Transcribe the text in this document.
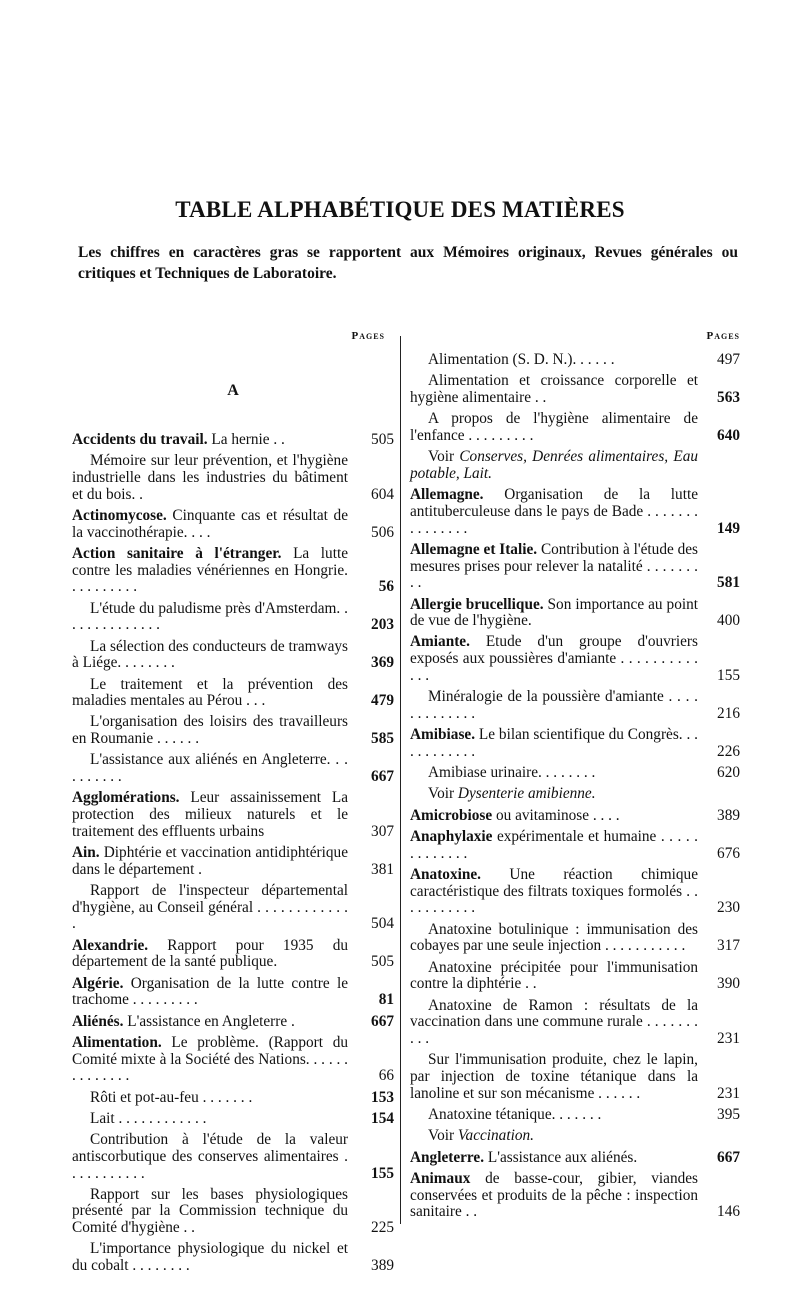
TABLE ALPHABÉTIQUE DES MATIÈRES
Les chiffres en caractères gras se rapportent aux Mémoires originaux, Revues générales ou critiques et Techniques de Laboratoire.
Pages
A
Accidents du travail. La hernie . .	505
Mémoire sur leur prévention, et l'hygiène industrielle dans les industries du bâtiment et du bois. .	604
Actinomycose. Cinquante cas et résultat de la vaccinothérapie. . . .	506
Action sanitaire à l'étranger. La lutte contre les maladies vénériennes en Hongrie. . . . . . . . . .	56
L'étude du paludisme près d'Amsterdam. . . . . . . . . . . . . .	203
La sélection des conducteurs de tramways à Liége. . . . . . . .	369
Le traitement et la prévention des maladies mentales au Pérou . . .	479
L'organisation des loisirs des travailleurs en Roumanie . . . . . .	585
L'assistance aux aliénés en Angleterre. . . . . . . . . .	667
Agglomérations. Leur assainissement La protection des milieux naturels et le traitement des effluents urbains	307
Ain. Diphtérie et vaccination antidiphtérique dans le département .	381
Rapport de l'inspecteur départemental d'hygiène, au Conseil général . . . . . . . . . . . . .	504
Alexandrie. Rapport pour 1935 du département de la santé publique.	505
Algérie. Organisation de la lutte contre le trachome . . . . . . . . .	81
Aliénés. L'assistance en Angleterre .	667
Alimentation. Le problème. (Rapport du Comité mixte à la Société des Nations. . . . . . . . . . . . . .	66
Rôti et pot-au-feu . . . . . . .	153
Lait . . . . . . . . . . . .	154
Contribution à l'étude de la valeur antiscorbutique des conserves alimentaires . . . . . . . . . . .	155
Rapport sur les bases physiologiques présenté par la Commission technique du Comité d'hygiène . .	225
L'importance physiologique du nickel et du cobalt . . . . . . . .	389
Pages
Alimentation (S. D. N.). . . . . .	497
Alimentation et croissance corporelle et hygiène alimentaire . .	563
A propos de l'hygiène alimentaire de l'enfance . . . . . . . . .	640
Voir Conserves, Denrées alimentaires, Eau potable, Lait.
Allemagne. Organisation de la lutte antituberculeuse dans le pays de Bade . . . . . . . . . . . . . . .	149
Allemagne et Italie. Contribution à l'étude des mesures prises pour relever la natalité . . . . . . . . .	581
Allergie brucellique. Son importance au point de vue de l'hygiène.	400
Amiante. Etude d'un groupe d'ouvriers exposés aux poussières d'amiante . . . . . . . . . . . . .	155
Minéralogie de la poussière d'amiante . . . . . . . . . . . . .	216
Amibiase. Le bilan scientifique du Congrès. . . . . . . . . . . .	226
Amibiase urinaire. . . . . . . .	620
Voir Dysenterie amibienne.
Amicrobiose ou avitaminose . . . .	389
Anaphylaxie expérimentale et humaine . . . . . . . . . . . . .	676
Anatoxine. Une réaction chimique caractéristique des filtrats toxiques formolés . . . . . . . . . . .	230
Anatoxine botulinique : immunisation des cobayes par une seule injection . . . . . . . . . . .	317
Anatoxine précipitée pour l'immunisation contre la diphtérie . .	390
Anatoxine de Ramon : résultats de la vaccination dans une commune rurale . . . . . . . . . .	231
Sur l'immunisation produite, chez le lapin, par injection de toxine tétanique dans la lanoline et sur son mécanisme . . . . . .	231
Anatoxine tétanique. . . . . . .	395
Voir Vaccination.
Angleterre. L'assistance aux aliénés.	667
Animaux de basse-cour, gibier, viandes conservées et produits de la pêche : inspection sanitaire . .	146
